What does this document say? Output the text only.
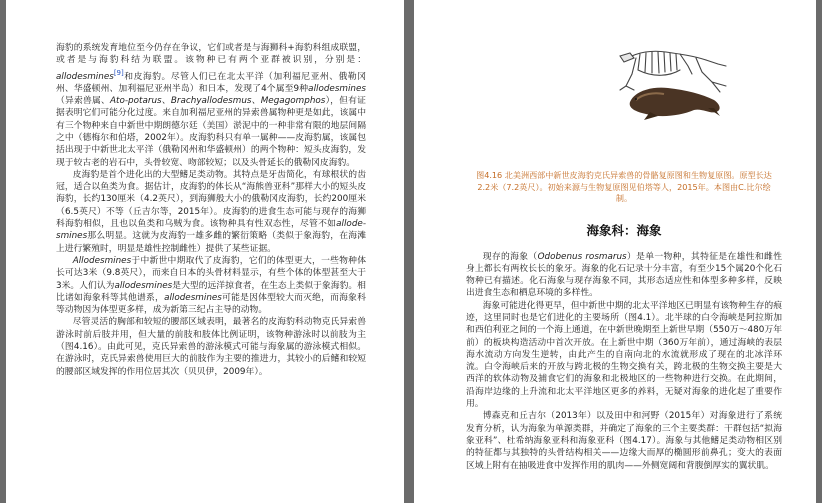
海豹的系统发育地位至今仍存在争议，它们或者是与海狮科+海豹科组成联盟，或者是与海豹科结为联盟。该物种已有两个亚群被识别，分别是：allodesmines[9]和皮海豹。尽管人们已在北太平洋（加利福尼亚州、俄勒冈州、华盛顿州、加利福尼亚州半岛）和日本，发现了4个属至9种allodesmines（异索兽属、Ato-potarus、Brachyallodesmus、Megagomphos），但有证据表明它们可能分化过度。来自加利福尼亚州的异索兽属物种更是如此，该属中有三个物种来自中新世中期朗德尔廷（美国）淤泥中的一种非常有限的地层间隔之中（德梅尔和伯塔，2002年）。皮海豹科只有单一属种——皮海豹属，该属包括出现于中新世北太平洋（俄勒冈州和华盛顿州）的两个物种：短头皮海豹，发现于较古老的岩石中，头骨较宽、吻部较短；以及头骨延长的俄勒冈皮海豹。

皮海豹是首个进化出的大型鳍足类动物。其特点是牙齿简化，有球根状的齿冠，适合以鱼类为食。据估计，皮海豹的体长从“海熊兽亚科”那样大小的短头皮海豹，长约130厘米（4.2英尺），到海狮般大小的俄勒冈皮海豹，长约200厘米（6.5英尺）不等（丘吉尔等，2015年）。皮海豹的进食生态可能与现存的海狮科海豹相似，且也以鱼类和乌贼为食。该物种具有性双态性，尽管不如allode-smines那么明显。这就为皮海豹一雄多雌的繁衍策略（类似于象海豹，在海滩上进行繁殖时，明显是雄性控制雌性）提供了某些证据。

Allodesmines于中新世中期取代了皮海豹，它们的体型更大，一些物种体长可达3米（9.8英尺），而来自日本的头骨材料显示，有些个体的体型甚至大于3米。人们认为allodesmines是大型的远洋掠食者，在生态上类似于象海豹。相比诸如海象科等其他谱系，allodesmines可能是因体型较大而灭绝，而海象科等动物因为体型更多样，成为新第三纪占主导的动物。

尽管灵活的胸部和较短的腰部区域表明，最著名的皮海豹科动物克氏异索兽游泳时前后肢并用，但大量的前肢和肢体比例证明，该物种游泳时以前肢为主（图4.16）。由此可见，克氏异索兽的游泳模式可能与海象属的游泳模式相似。在游泳时，克氏异索兽使用巨大的前肢作为主要的推进力，其较小的后鳍和较短的腰部区域发挥的作用位居其次（贝贝伊，2009年）。

图4.16 北美洲西部中新世皮海豹克氏异索兽的骨骼复原图和生物复原图。原型长达2.2米（7.2英尺）。初始来源与生物复原图见伯塔等人，2015年。本图由C.比尔绘制。

海象科：海象

现存的海象（Odobenus rosmarus）是单一物种，其特征是在雄性和雌性身上都长有两枚长长的象牙。海象的化石记录十分丰富，有至少15个属20个化石物种已有描述。化石海象与现存海象不同，其形态适应性和体型多种多样，反映出进食生态和栖息环境的多样性。

海象可能进化得更早，但中新世中期的北太平洋地区已明显有该物种生存的痕迹，这里同时也是它们进化的主要场所（图4.1）。北半球的白令海峡是阿拉斯加和西伯利亚之间的一个海上通道，在中新世晚期至上新世早期（550万～480万年前）的板块构造活动中首次开放。在上新世中期（360万年前），通过海峡的表层海水流动方向发生逆转，由此产生的自南向北的水流就形成了现在的北冰洋环流。白令海峡后来的开放与跨北极的生物交换有关，跨北极的生物交换主要是大西洋的软体动物及捕食它们的海象和北极地区的一些物种进行交换。在此期间，沿海岸边缘的上升流和北太平洋地区更多的养料，无疑对海象的进化起了重要作用。

博森克和丘吉尔（2013年）以及田中和河野（2015年）对海象进行了系统发育分析，认为海象为单源类群，并确定了海象的三个主要类群：干群包括“拟海象亚科”、杜希纳海象亚科和海象亚科（图4.17）。海象与其他鳍足类动物相区别的特征都与其独特的头骨结构相关——边缘大而厚的椭圆形前鼻孔；变大的表面区域上附有在抽吸进食中发挥作用的肌肉——外侧宽阔和背腹倒厚实的翼状肌。
